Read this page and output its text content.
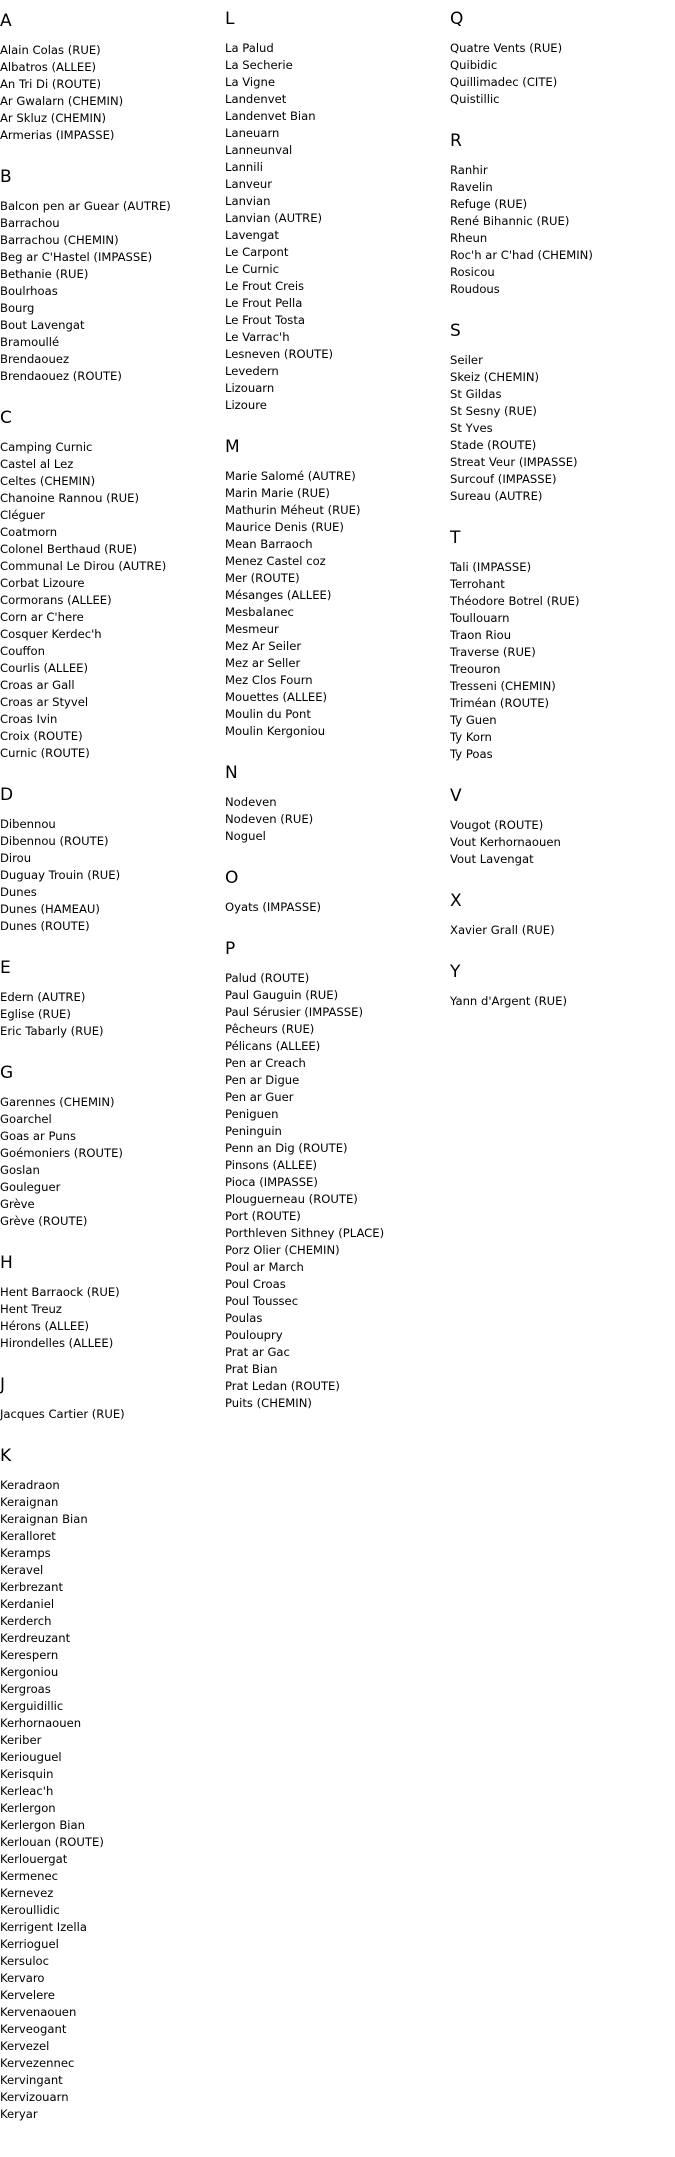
A
Alain Colas (RUE)
Albatros (ALLEE)
An Tri Di (ROUTE)
Ar Gwalarn (CHEMIN)
Ar Skluz (CHEMIN)
Armerias (IMPASSE)
B
Balcon pen ar Guear (AUTRE)
Barrachou
Barrachou (CHEMIN)
Beg ar C'Hastel (IMPASSE)
Bethanie (RUE)
Boulrhoas
Bourg
Bout Lavengat
Bramoullé
Brendaouez
Brendaouez (ROUTE)
C
Camping Curnic
Castel al Lez
Celtes (CHEMIN)
Chanoine Rannou (RUE)
Cléguer
Coatmorn
Colonel Berthaud (RUE)
Communal Le Dirou (AUTRE)
Corbat Lizoure
Cormorans (ALLEE)
Corn ar C'here
Cosquer Kerdec'h
Couffon
Courlis (ALLEE)
Croas ar Gall
Croas ar Styvel
Croas Ivin
Croix (ROUTE)
Curnic (ROUTE)
D
Dibennou
Dibennou (ROUTE)
Dirou
Duguay Trouin (RUE)
Dunes
Dunes (HAMEAU)
Dunes (ROUTE)
E
Edern (AUTRE)
Eglise (RUE)
Eric Tabarly (RUE)
G
Garennes (CHEMIN)
Goarchel
Goas ar Puns
Goémoniers (ROUTE)
Goslan
Gouleguer
Grève
Grève (ROUTE)
H
Hent Barraock (RUE)
Hent Treuz
Hérons (ALLEE)
Hirondelles (ALLEE)
J
Jacques Cartier (RUE)
K
Keradraon
Keraignan
Keraignan Bian
Keralloret
Keramps
Keravel
Kerbrezant
Kerdaniel
Kerderch
Kerdreuzant
Kerespern
Kergoniou
Kergroas
Kerguidillic
Kerhornaouen
Keriber
Keriouguel
Kerisquin
Kerleac'h
Kerlergon
Kerlergon Bian
Kerlouan (ROUTE)
Kerlouergat
Kermenec
Kernevez
Keroullidic
Kerrigent Izella
Kerrioguel
Kersuloc
Kervaro
Kervelere
Kervenaouen
Kerveogant
Kervezel
Kervezennec
Kervingant
Kervizouarn
Keryar
L
La Palud
La Secherie
La Vigne
Landenvet
Landenvet Bian
Laneuarn
Lanneunval
Lannili
Lanveur
Lanvian
Lanvian (AUTRE)
Lavengat
Le Carpont
Le Curnic
Le Frout Creis
Le Frout Pella
Le Frout Tosta
Le Varrac'h
Lesneven (ROUTE)
Levedern
Lizouarn
Lizoure
M
Marie Salomé (AUTRE)
Marin Marie (RUE)
Mathurin Méheut (RUE)
Maurice Denis (RUE)
Mean Barraoch
Menez Castel coz
Mer (ROUTE)
Mésanges (ALLEE)
Mesbalanec
Mesmeur
Mez Ar Seiler
Mez ar Seller
Mez Clos Fourn
Mouettes (ALLEE)
Moulin du Pont
Moulin Kergoniou
N
Nodeven
Nodeven (RUE)
Noguel
O
Oyats (IMPASSE)
P
Palud (ROUTE)
Paul Gauguin (RUE)
Paul Sérusier (IMPASSE)
Pêcheurs (RUE)
Pélicans (ALLEE)
Pen ar Creach
Pen ar Digue
Pen ar Guer
Peniguen
Peninguin
Penn an Dig (ROUTE)
Pinsons (ALLEE)
Pioca (IMPASSE)
Plouguerneau (ROUTE)
Port (ROUTE)
Porthleven Sithney (PLACE)
Porz Olier (CHEMIN)
Poul ar March
Poul Croas
Poul Toussec
Poulas
Poulouprу
Prat ar Gac
Prat Bian
Prat Ledan (ROUTE)
Puits (CHEMIN)
Q
Quatre Vents (RUE)
Quibidic
Quillimadec (CITE)
Quistillic
R
Ranhir
Ravelin
Refuge (RUE)
René Bihannic (RUE)
Rheun
Roc'h ar C'had (CHEMIN)
Rosicou
Roudous
S
Seiler
Skeiz (CHEMIN)
St Gildas
St Sesny (RUE)
St Yves
Stade (ROUTE)
Streat Veur (IMPASSE)
Surcouf (IMPASSE)
Sureau (AUTRE)
T
Tali (IMPASSE)
Terrohant
Théodore Botrel (RUE)
Toullouarn
Traon Riou
Traverse (RUE)
Treouron
Tresseni (CHEMIN)
Triméan (ROUTE)
Ty Guen
Ty Korn
Ty Poas
V
Vougot (ROUTE)
Vout Kerhornaouen
Vout Lavengat
X
Xavier Grall (RUE)
Y
Yann d'Argent (RUE)
